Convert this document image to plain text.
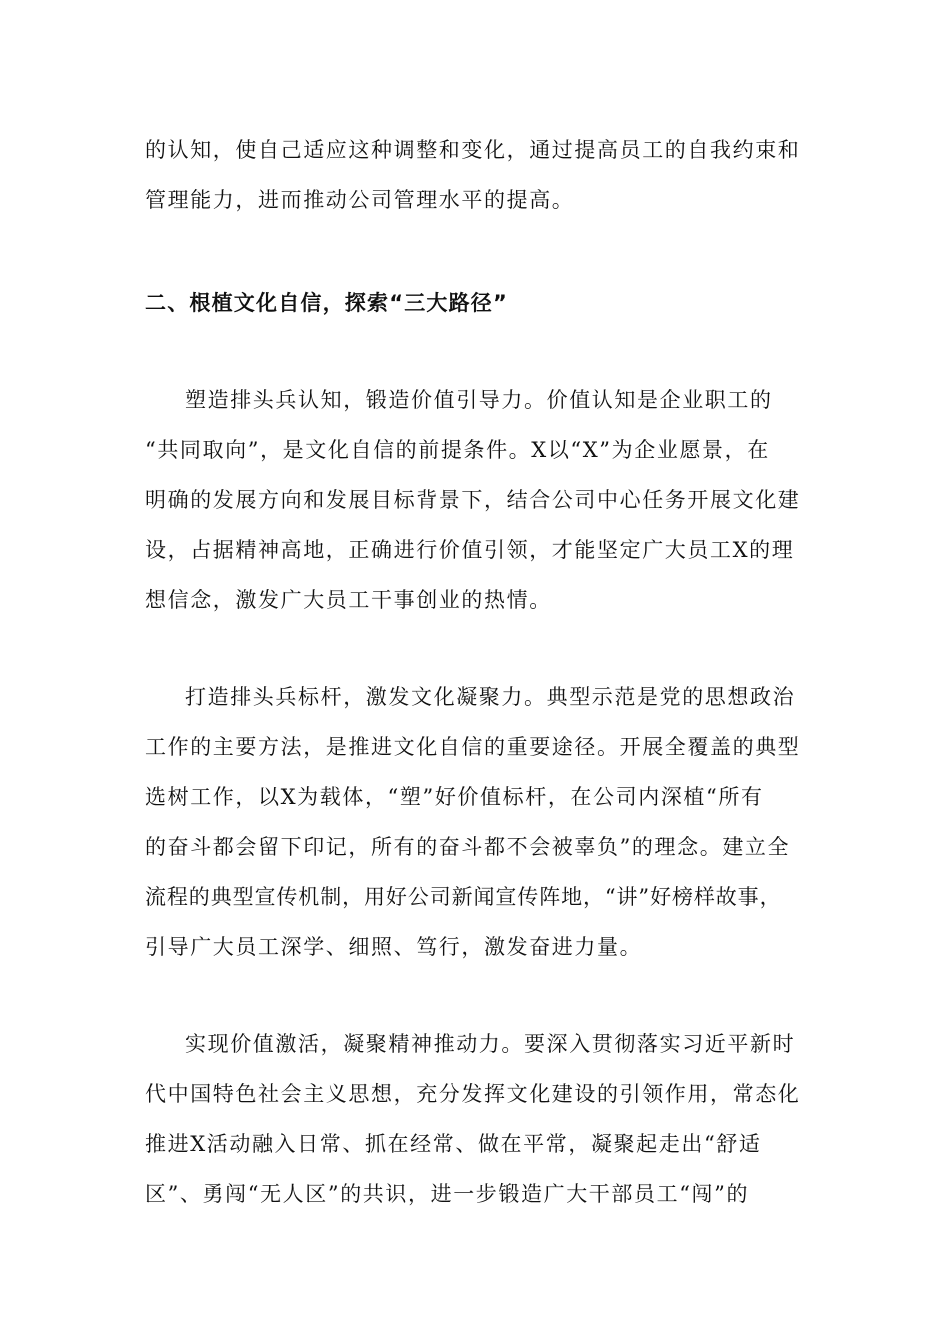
的认知，使自己适应这种调整和变化，通过提高员工的自我约束和
管理能力，进而推动公司管理水平的提高。
二、根植文化自信，探索“三大路径”
塑造排头兵认知，锻造价值引导力。价值认知是企业职工的
“共同取向”，是文化自信的前提条件。X以“X”为企业愿景，在
明确的发展方向和发展目标背景下，结合公司中心任务开展文化建
设，占据精神高地，正确进行价值引领，才能坚定广大员工X的理
想信念，激发广大员工干事创业的热情。
打造排头兵标杆，激发文化凝聚力。典型示范是党的思想政治
工作的主要方法，是推进文化自信的重要途径。开展全覆盖的典型
选树工作，以X为载体，“塑”好价值标杆，在公司内深植“所有
的奋斗都会留下印记，所有的奋斗都不会被辜负”的理念。建立全
流程的典型宣传机制，用好公司新闻宣传阵地，“讲”好榜样故事，
引导广大员工深学、细照、笃行，激发奋进力量。
实现价值激活，凝聚精神推动力。要深入贯彻落实习近平新时
代中国特色社会主义思想，充分发挥文化建设的引领作用，常态化
推进X活动融入日常、抓在经常、做在平常，凝聚起走出“舒适
区”、勇闯“无人区”的共识，进一步锻造广大干部员工“闯”的
